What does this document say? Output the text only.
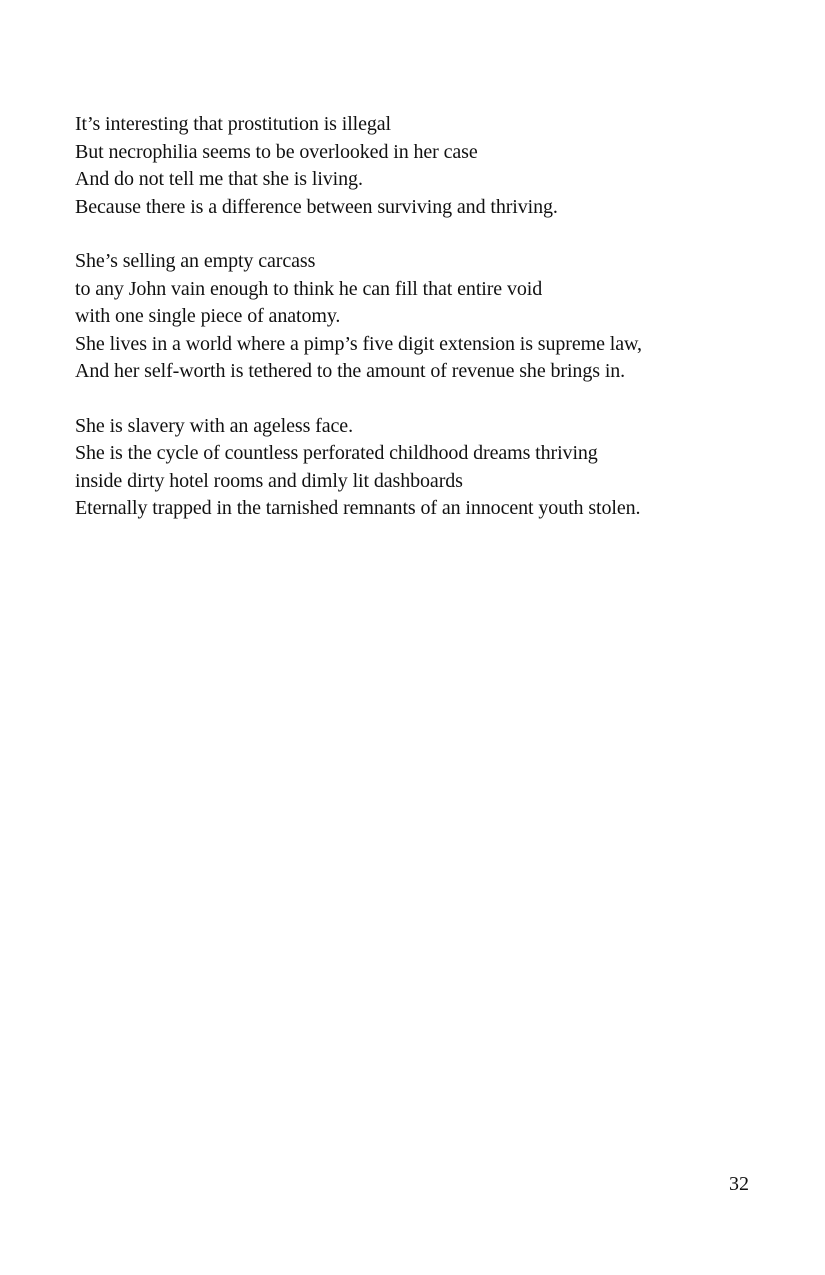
It’s interesting that prostitution is illegal
But necrophilia seems to be overlooked in her case
And do not tell me that she is living.
Because there is a difference between surviving and thriving.
She’s selling an empty carcass
to any John vain enough to think he can fill that entire void
with one single piece of anatomy.
She lives in a world where a pimp’s five digit extension is supreme law,
And her self-worth is tethered to the amount of revenue she brings in.
She is slavery with an ageless face.
She is the cycle of countless perforated childhood dreams thriving
inside dirty hotel rooms and dimly lit dashboards
Eternally trapped in the tarnished remnants of an innocent youth stolen.
32
